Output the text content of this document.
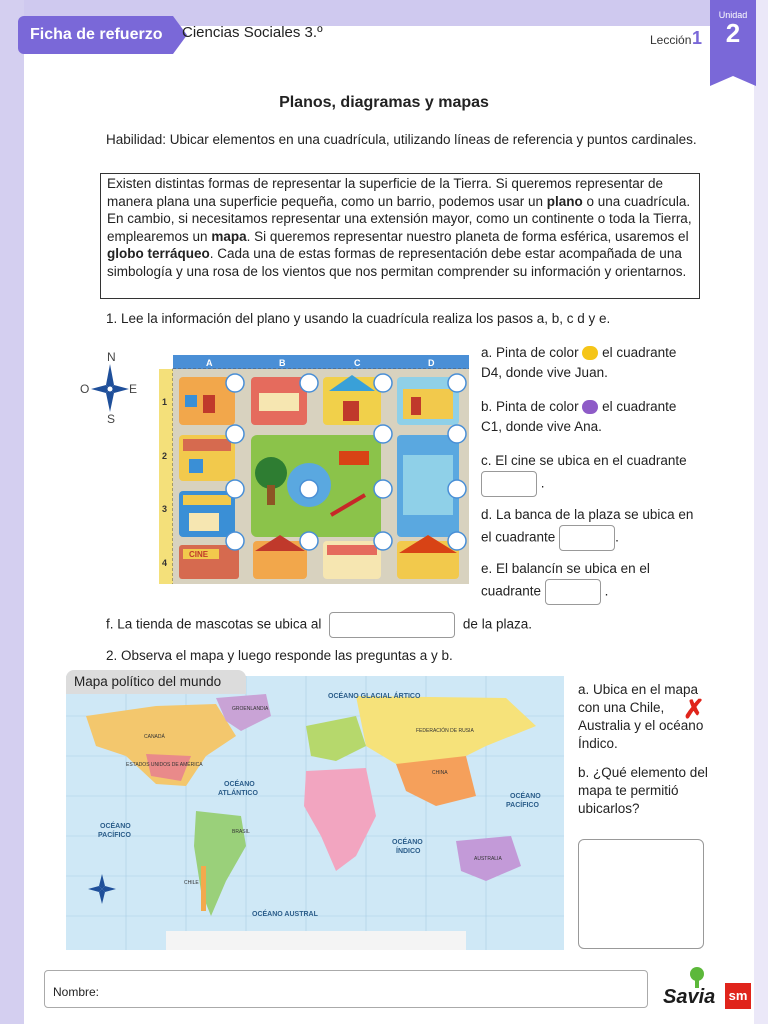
Ficha de refuerzo	Ciencias Sociales 3.º	Lección 1
Unidad
2
Planos, diagramas y mapas
Habilidad: Ubicar elementos en una cuadrícula, utilizando líneas de referencia y puntos cardinales.
Existen distintas formas de representar la superficie de la Tierra. Si queremos representar de manera plana una superficie pequeña, como un barrio, podemos usar un plano o una cuadrícula. En cambio, si necesitamos representar una extensión mayor, como un continente o toda la Tierra, emplearemos un mapa. Si queremos representar nuestro planeta de forma esférica, usaremos el globo terráqueo. Cada una de estas formas de representación debe estar acompañada de una simbología y una rosa de los vientos que nos permitan comprender su información y orientarnos.
1. Lee la información del plano y usando la cuadrícula realiza los pasos a, b, c d y e.
N
O	E
S
A	B	C	D
1
2
3
4
CINE
a. Pinta de color el cuadrante D4, donde vive Juan.
b. Pinta de color el cuadrante C1, donde vive Ana.
c. El cine se ubica en el cuadrante  .
d. La banca de la plaza se ubica en el cuadrante	.
e. El balancín se ubica en el cuadrante	.
f. La tienda de mascotas se ubica al	de la plaza.
2. Observa el mapa y luego responde las preguntas a y b.
OCÉANO GLACIAL ÁRTICO
OCÉANO
ATLÁNTICO
OCÉANO
PACÍFICO
OCÉANO
PACÍFICO
OCÉANO
ÍNDICO
OCÉANO AUSTRAL
CANADÁ
ESTADOS UNIDOS DE AMÉRICA
GROENLANDIA
BRASIL
CHILE
FEDERACIÓN DE RUSIA
CHINA
AUSTRALIA
Mapa político del mundo
a. Ubica en el mapa con una Chile, Australia y el océano Índico.
✗
b. ¿Qué elemento del mapa te permitió ubicarlos?
Nombre:	Savia sm
